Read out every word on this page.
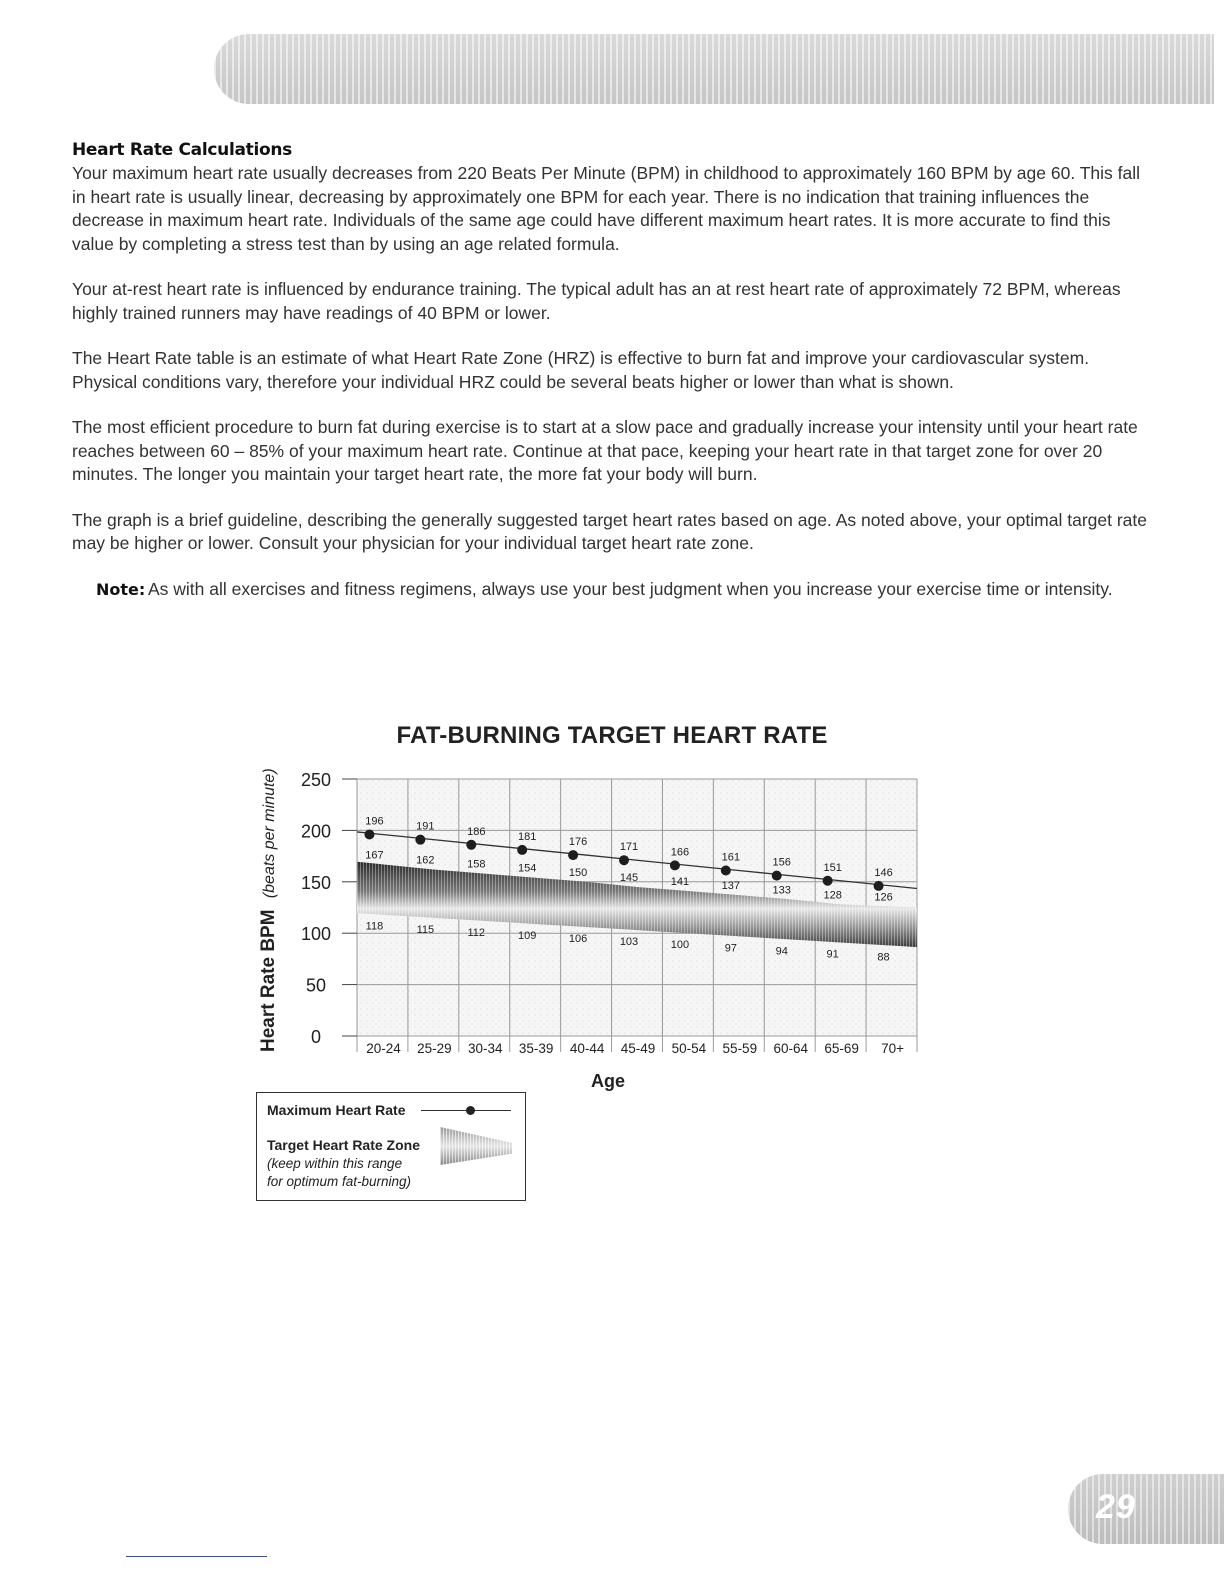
Heart Rate Calculations

Your maximum heart rate usually decreases from 220 Beats Per Minute (BPM) in childhood to approximately 160 BPM by age 60. This fall in heart rate is usually linear, decreasing by approximately one BPM for each year. There is no indication that training influences the decrease in maximum heart rate. Individuals of the same age could have different maximum heart rates. It is more accurate to find this value by completing a stress test than by using an age related formula.

Your at-rest heart rate is influenced by endurance training. The typical adult has an at rest heart rate of approximately 72 BPM, whereas highly trained runners may have readings of 40 BPM or lower.

The Heart Rate table is an estimate of what Heart Rate Zone (HRZ) is effective to burn fat and improve your cardiovascular system. Physical conditions vary, therefore your individual HRZ could be several beats higher or lower than what is shown.

The most efficient procedure to burn fat during exercise is to start at a slow pace and gradually increase your intensity until your heart rate reaches between 60 – 85% of your maximum heart rate. Continue at that pace, keeping your heart rate in that target zone for over 20 minutes. The longer you maintain your target heart rate, the more fat your body will burn.

The graph is a brief guideline, describing the generally suggested target heart rates based on age. As noted above, your optimal target rate may be higher or lower. Consult your physician for your individual target heart rate zone.

Note: As with all exercises and fitness regimens, always use your best judgment when you increase your exercise time or intensity.
FAT-BURNING TARGET HEART RATE
196	191	186	181	176	171	166	161	156	151	146
167	162	158	154	150	145	141	137	133	128	126
118	115	112	109	106	103	100	97	94	91	88
250
200
150
100
50
0
20-24 25-29 30-34 35-39 40-44 45-49 50-54 55-59 60-64 65-69 70+
Heart Rate BPM (beats per minute)
Age
Maximum Heart Rate
Target Heart Rate Zone
(keep within this range
for optimum fat-burning)
29
